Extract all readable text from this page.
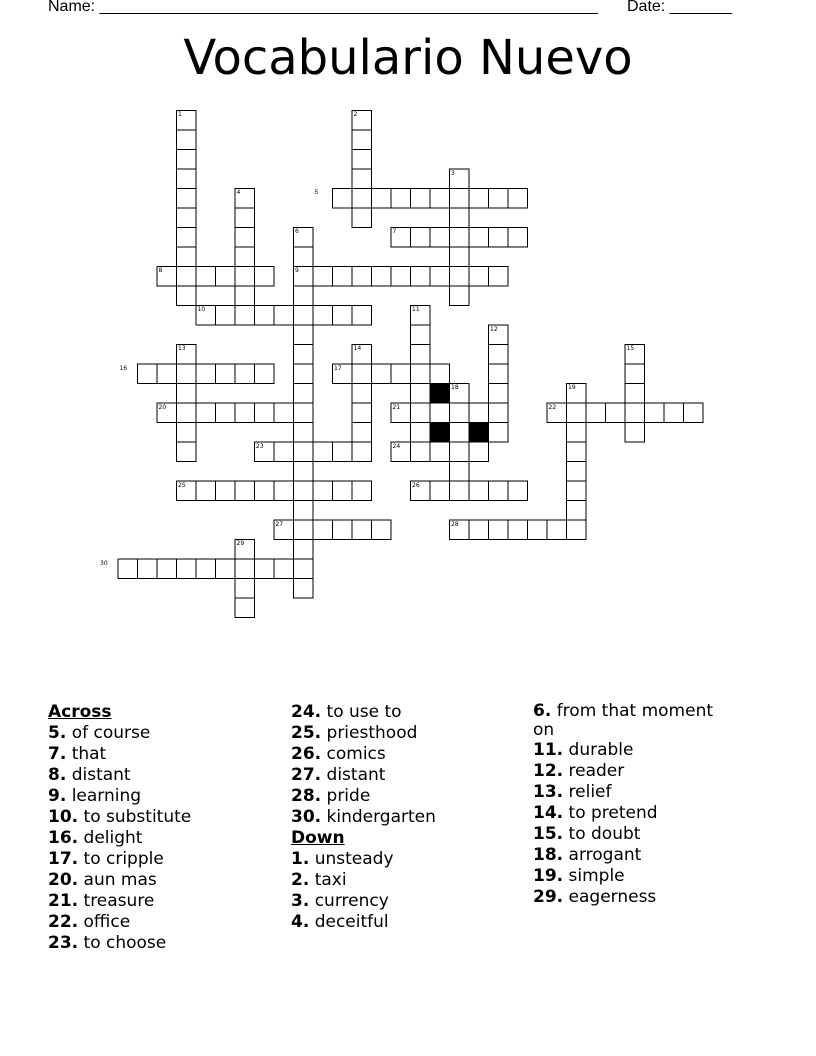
Name: ________________________________________________________ Date: _______
Vocabulario Nuevo
1	2
3
4	5
6	7
8	9
10	11
12
13	14	15
16	17
18	19
20	21	22
23	24
25	26
27	28
29
30
Across
5. of course
7. that
8. distant
9. learning
10. to substitute
16. delight
17. to cripple
20. aun mas
21. treasure
22. office
23. to choose
24. to use to
25. priesthood
26. comics
27. distant
28. pride
30. kindergarten
Down
1. unsteady
2. taxi
3. currency
4. deceitful
6. from that moment on
11. durable
12. reader
13. relief
14. to pretend
15. to doubt
18. arrogant
19. simple
29. eagerness
